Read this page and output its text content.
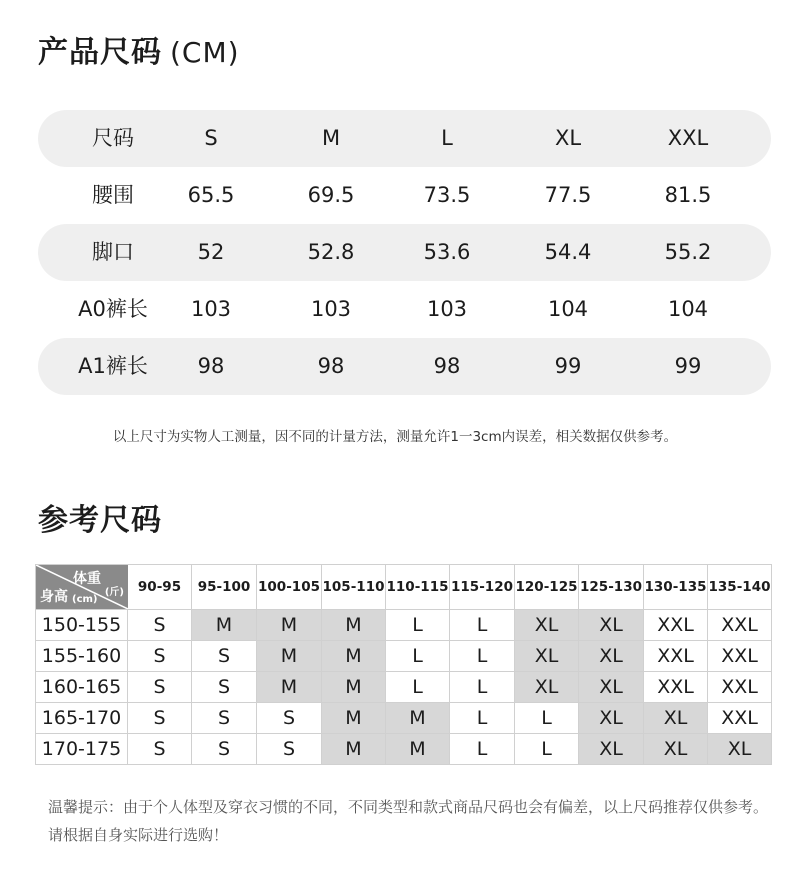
产品尺码 (CM)
尺码	S	M	L	XL	XXL
腰围	65.5	69.5	73.5	77.5	81.5
脚口	52	52.8	53.6	54.4	55.2
A0裤长 103	103	103	104	104
A1裤长 98	98	98	99	99
以上尺寸为实物人工测量，因不同的计量方法，测量允许1一3cm内误差，相关数据仅供参考。
参考尺码
体重
(斤)
身高 (cm)	90-95	95-100	100-105	105-110	110-115	115-120	120-125	125-130	130-135	135-140
150-155	S	M	M	M	L	L	XL	XL	XXL	XXL
155-160	S	S	M	M	L	L	XL	XL	XXL	XXL
160-165	S	S	M	M	L	L	XL	XL	XXL	XXL
165-170	S	S	S	M	M	L	L	XL	XL	XXL
170-175	S	S	S	M	M	L	L	XL	XL	XL
温馨提示：由于个人体型及穿衣习惯的不同，不同类型和款式商品尺码也会有偏差，以上尺码推荐仅供参考。请根据自身实际进行选购！
